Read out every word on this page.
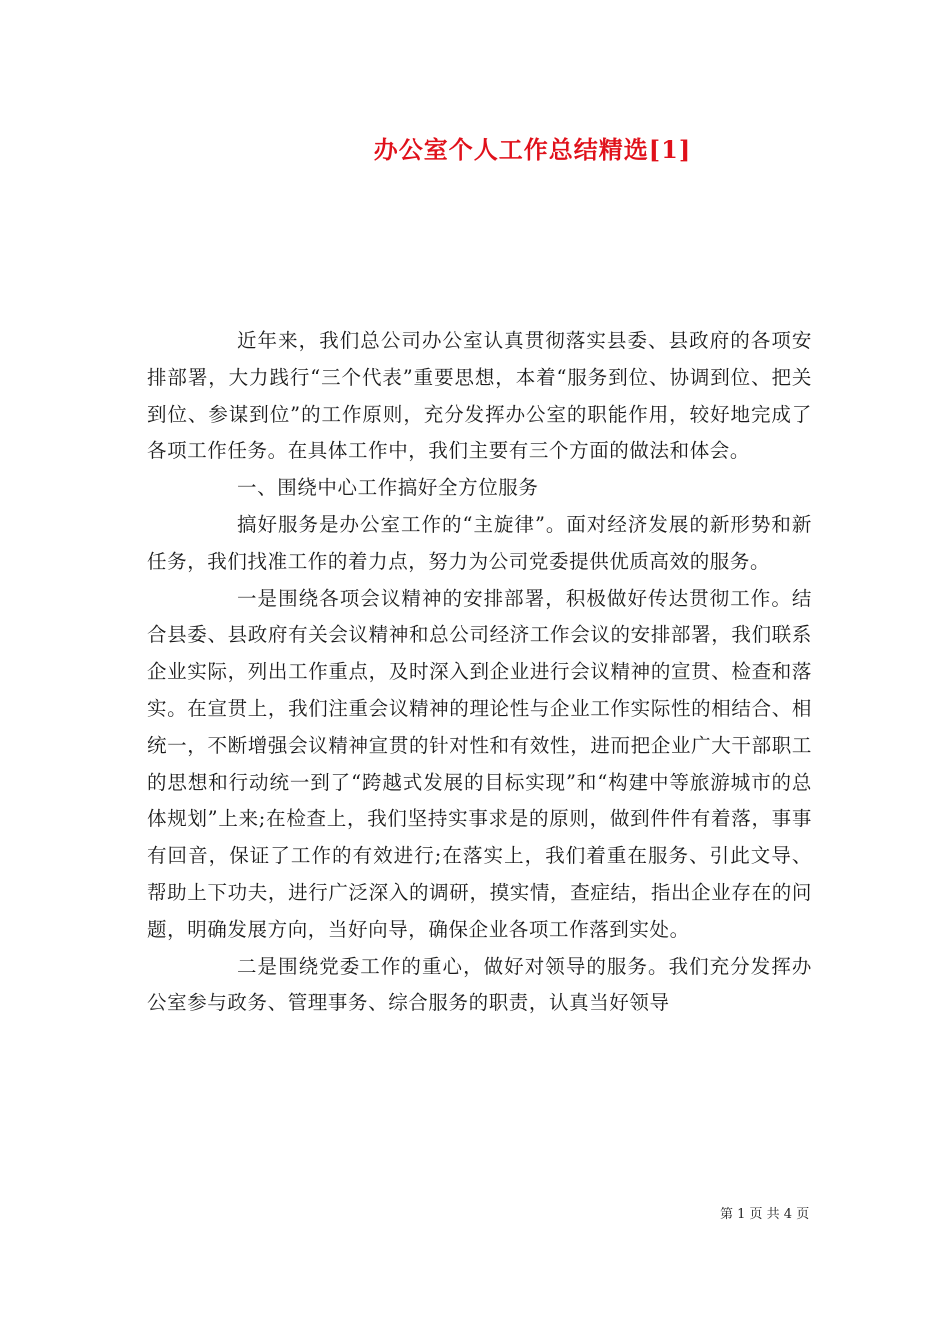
办公室个人工作总结精选[1]

近年来，我们总公司办公室认真贯彻落实县委、县政府的各项安排部署，大力践行“三个代表”重要思想，本着“服务到位、协调到位、把关到位、参谋到位”的工作原则，充分发挥办公室的职能作用，较好地完成了各项工作任务。在具体工作中，我们主要有三个方面的做法和体会。

一、围绕中心工作搞好全方位服务

搞好服务是办公室工作的“主旋律”。面对经济发展的新形势和新任务，我们找准工作的着力点，努力为公司党委提供优质高效的服务。

一是围绕各项会议精神的安排部署，积极做好传达贯彻工作。结合县委、县政府有关会议精神和总公司经济工作会议的安排部署，我们联系企业实际，列出工作重点，及时深入到企业进行会议精神的宣贯、检查和落实。在宣贯上，我们注重会议精神的理论性与企业工作实际性的相结合、相统一，不断增强会议精神宣贯的针对性和有效性，进而把企业广大干部职工的思想和行动统一到了“跨越式发展的目标实现”和“构建中等旅游城市的总体规划”上来;在检查上，我们坚持实事求是的原则，做到件件有着落，事事有回音，保证了工作的有效进行;在落实上，我们着重在服务、引此文导、帮助上下功夫，进行广泛深入的调研，摸实情，查症结，指出企业存在的问题，明确发展方向，当好向导，确保企业各项工作落到实处。

二是围绕党委工作的重心，做好对领导的服务。我们充分发挥办公室参与政务、管理事务、综合服务的职责，认真当好领导

第 1 页 共 4 页
